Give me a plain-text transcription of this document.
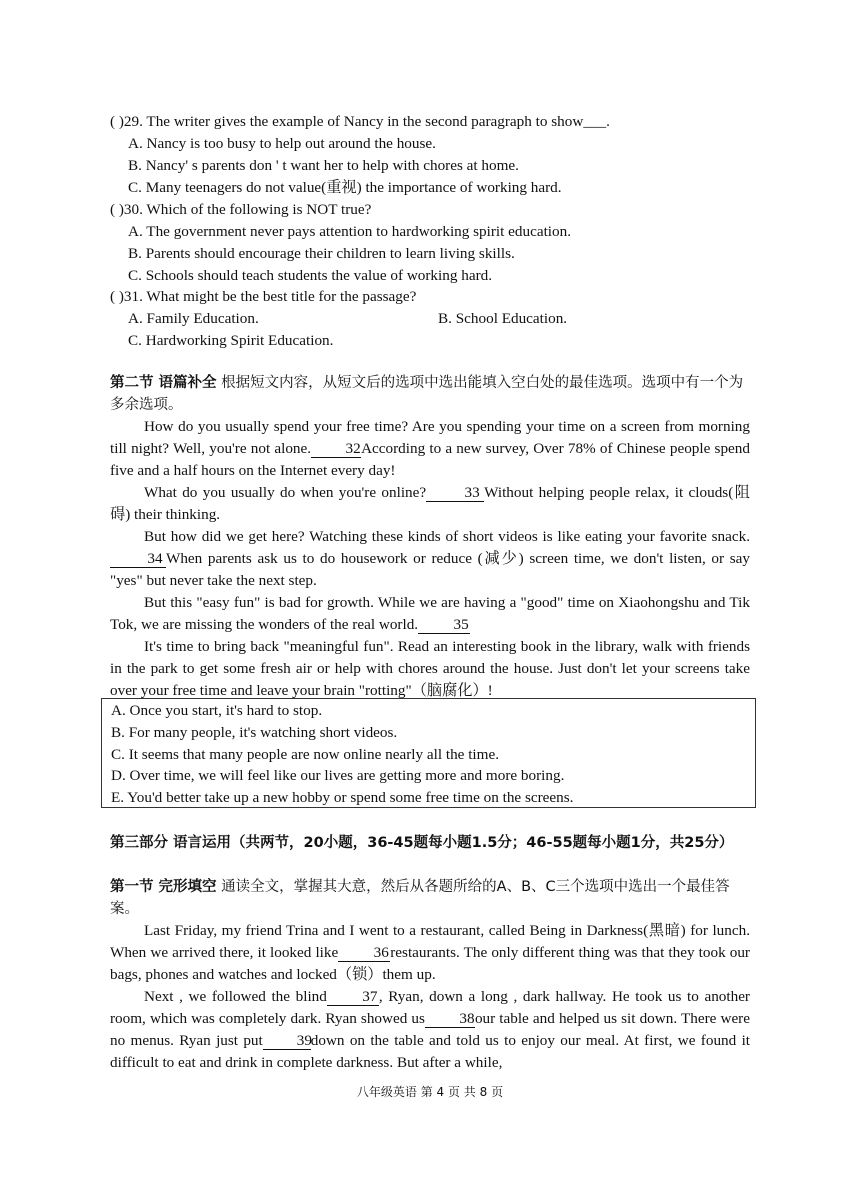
( )29. The writer gives the example of Nancy in the second paragraph to show___.
A. Nancy is too busy to help out around the house.
B. Nancy' s parents don ' t want her to help with chores at home.
C. Many teenagers do not value(重视) the importance of working hard.
( )30. Which of the following is NOT true?
A. The government never pays attention to hardworking spirit education.
B. Parents should encourage their children to learn living skills.
C. Schools should teach students the value of working hard.
( )31. What might be the best title for the passage?
A. Family Education.	B. School Education.
C. Hardworking Spirit Education.

第二节 语篇补全 根据短文内容，从短文后的选项中选出能填入空白处的最佳选项。选项中有一个为多余选项。

How do you usually spend your free time? Are you spending your time on a screen from morning till night? Well, you're not alone. 32According to a new survey, Over 78% of Chinese people spend five and a half hours on the Internet every day!

What do you usually do when you're online?	33 Without helping people relax, it clouds(阻碍) their thinking.

But how did we get here? Watching these kinds of short videos is like eating your favorite snack.34 When parents ask us to do housework or reduce (减少) screen time, we don't listen, or say "yes" but never take the next step.

But this "easy fun" is bad for growth. While we are having a "good" time on Xiaohongshu and Tik Tok, we are missing the wonders of the real world. 35

It's time to bring back "meaningful fun". Read an interesting book in the library, walk with friends in the park to get some fresh air or help with chores around the house. Just don't let your screens take over your free time and leave your brain "rotting"（脑腐化）!

A. Once you start, it's hard to stop.
B. For many people, it's watching short videos.
C. It seems that many people are now online nearly all the time.
D. Over time, we will feel like our lives are getting more and more boring.
E. You'd better take up a new hobby or spend some free time on the screens.

第三部分 语言运用（共两节，20小题，36-45题每小题1.5分；46-55题每小题1分，共25分）

第一节 完形填空 通读全文，掌握其大意，然后从各题所给的A、B、C三个选项中选出一个最佳答案。

Last Friday, my friend Trina and I went to a restaurant, called Being in Darkness(黑暗) for lunch. When we arrived there, it looked like 36restaurants. The only different thing was that they took our bags, phones and watches and locked（锁）them up.

Next , we followed the blind 37, Ryan, down a long , dark hallway. He took us to another room, which was completely dark. Ryan showed us 38our table and helped us sit down. There were no menus. Ryan just put 39down on the table and told us to enjoy our meal. At first, we found it difficult to eat and drink in complete darkness. But after a while,

八年级英语 第 4 页 共 8 页
